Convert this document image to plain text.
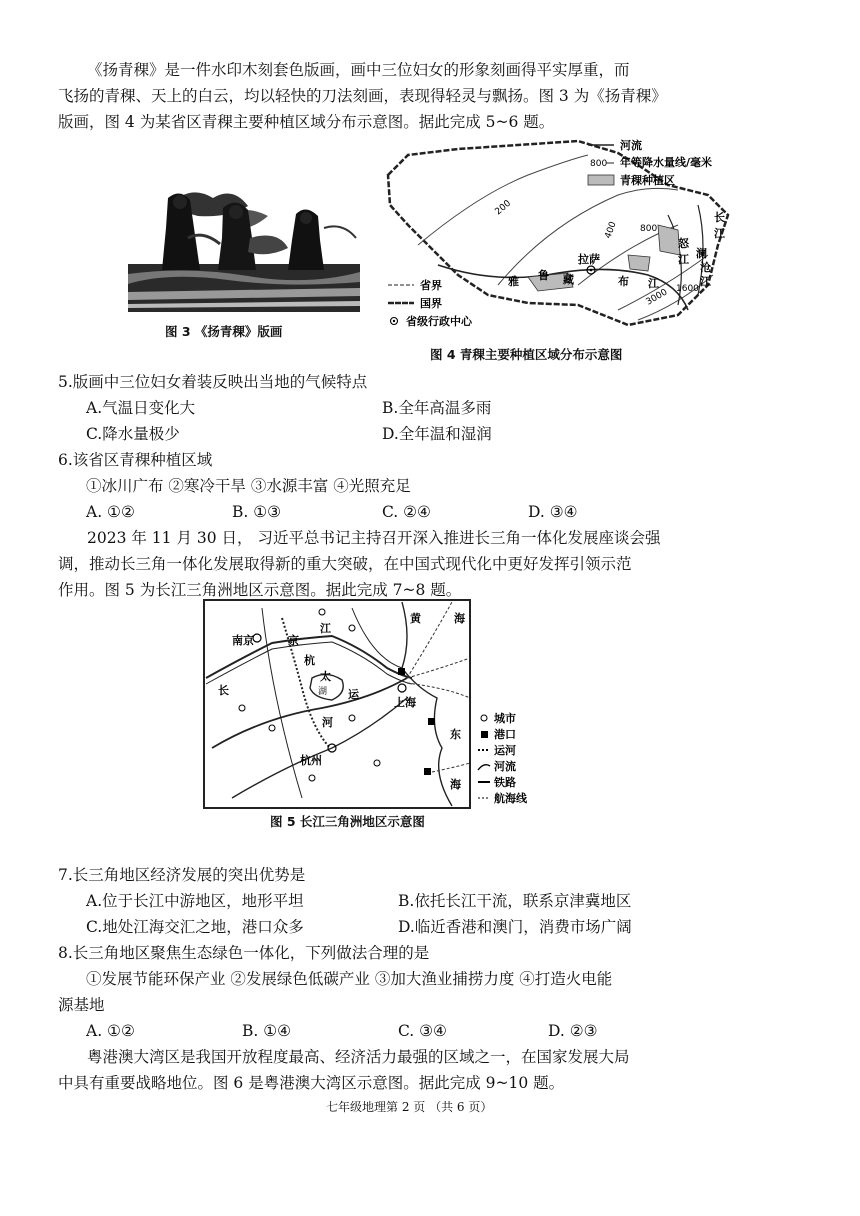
《扬青稞》是一件水印木刻套色版画，画中三位妇女的形象刻画得平实厚重，而
飞扬的青稞、天上的白云，均以轻快的刀法刻画，表现得轻灵与飘扬。图 3 为《扬青稞》
版画，图 4 为某省区青稞主要种植区域分布示意图。据此完成 5~6 题。
图 3 《扬青稞》版画
200
400 800
1600
3000
雅 鲁 藏	布 江
拉萨
长
江
澜
沧
江
怒
江
河流
800 年等降水量线/毫米
青稞种植区
省界
国界
省级行政中心
图 4 青稞主要种植区域分布示意图
5.版画中三位妇女着装反映出当地的气候特点
A.气温日变化大	B.全年高温多雨
C.降水量极少	D.全年温和湿润
6.该省区青稞种植区域
①冰川广布 ②寒冷干旱 ③水源丰富 ④光照充足
A. ①②	B. ①③	C. ②④	D. ③④
2023 年 11 月 30 日， 习近平总书记主持召开深入推进长三角一体化发展座谈会强
调，推动长三角一体化发展取得新的重大突破，在中国式现代化中更好发挥引领示范
作用。图 5 为长江三角洲地区示意图。据此完成 7~8 题。
南京	京
杭
江
长
太
湖 运
河
上海
杭州
黄	海
东
海
城市
港口
运河
河流
铁路
航海线
图 5 长江三角洲地区示意图
7.长三角地区经济发展的突出优势是
A.位于长江中游地区，地形平坦	B.依托长江干流，联系京津冀地区
C.地处江海交汇之地，港口众多	D.临近香港和澳门，消费市场广阔
8.长三角地区聚焦生态绿色一体化，下列做法合理的是
①发展节能环保产业 ②发展绿色低碳产业 ③加大渔业捕捞力度 ④打造火电能
源基地
A. ①②	B. ①④	C. ③④	D. ②③
粤港澳大湾区是我国开放程度最高、经济活力最强的区域之一，在国家发展大局
中具有重要战略地位。图 6 是粤港澳大湾区示意图。据此完成 9~10 题。
七年级地理第 2 页 （共 6 页）
